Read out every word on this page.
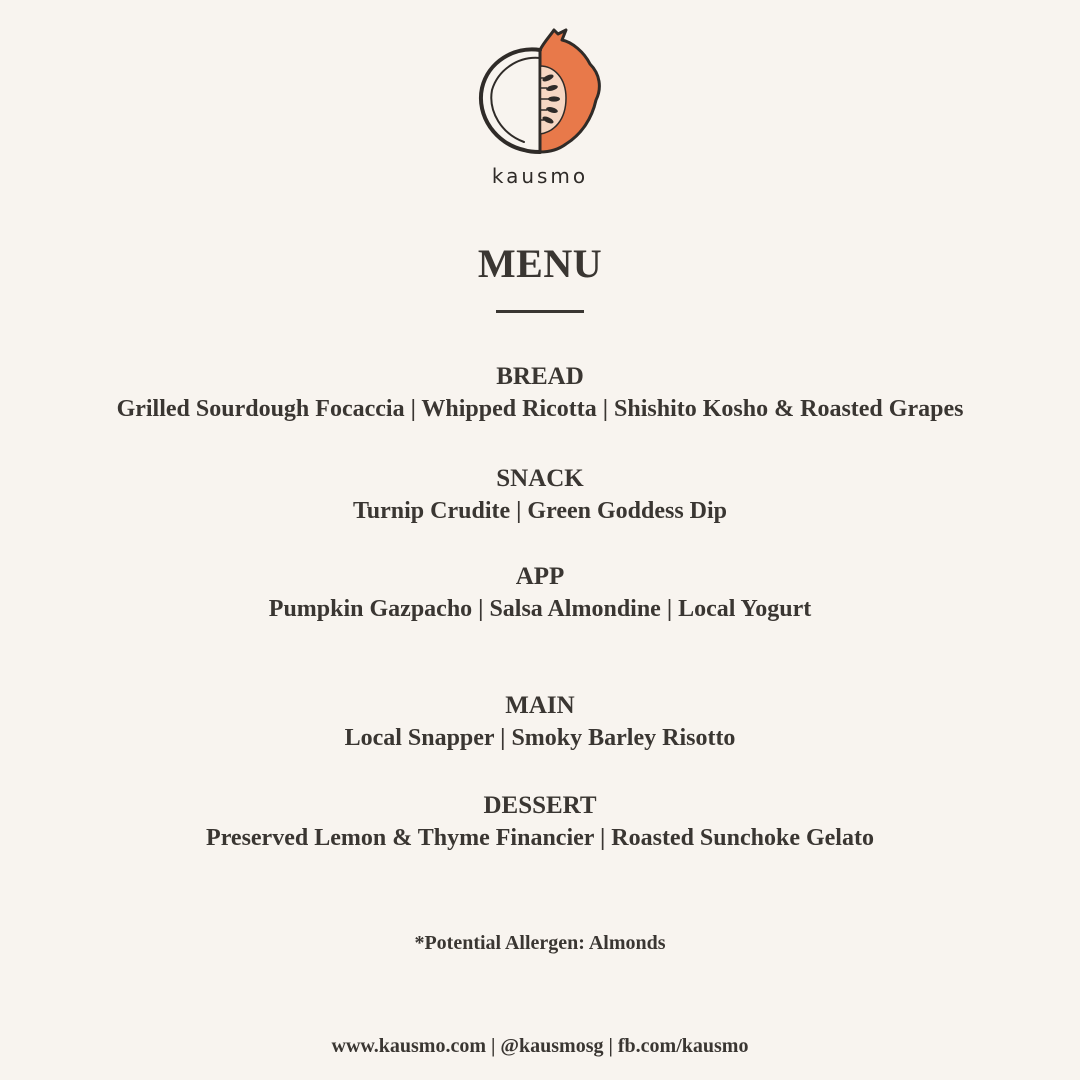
kausmo
MENU
BREAD
Grilled Sourdough Focaccia | Whipped Ricotta | Shishito Kosho & Roasted Grapes
SNACK
Turnip Crudite | Green Goddess Dip
APP
Pumpkin Gazpacho | Salsa Almondine | Local Yogurt
MAIN
Local Snapper | Smoky Barley Risotto
DESSERT
Preserved Lemon & Thyme Financier | Roasted Sunchoke Gelato
*Potential Allergen: Almonds
www.kausmo.com | @kausmosg | fb.com/kausmo
